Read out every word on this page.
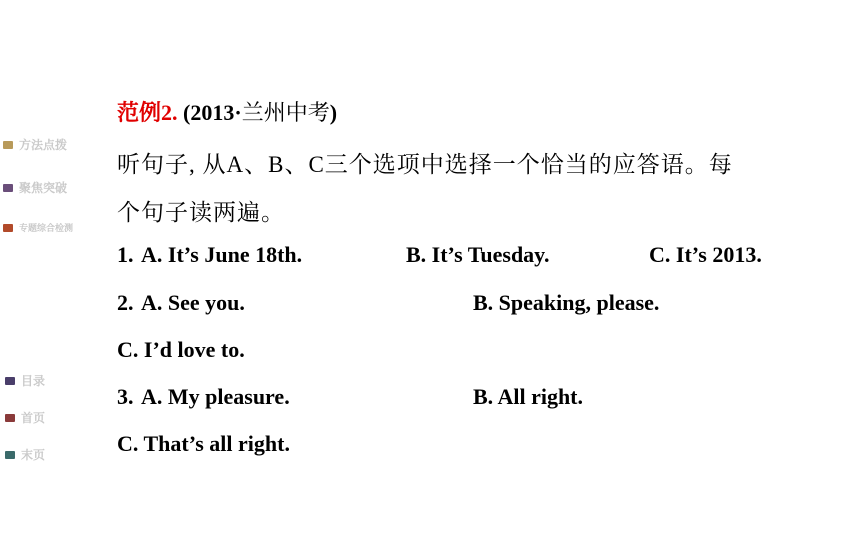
方法点拨
聚焦突破
专题综合检测
目录
首页
末页
范例2. (2013·兰州中考)
听句子, 从A、B、C三个选项中选择一个恰当的应答语。每
个句子读两遍。
1. A. It’s June 18th.	B. It’s Tuesday.	C. It’s 2013.
2. A. See you.	B. Speaking, please.
C. I’d love to.
3. A. My pleasure.	B. All right.
C. That’s all right.
